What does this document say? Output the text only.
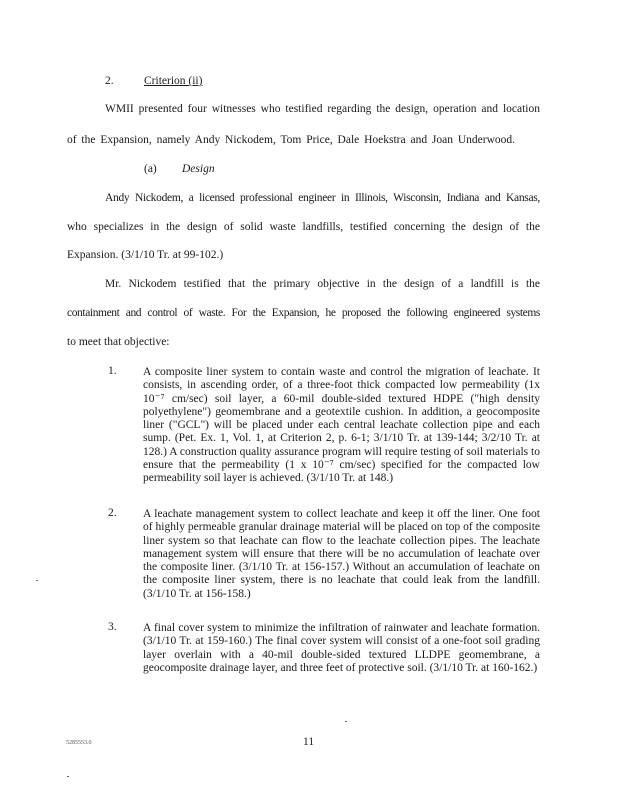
2.	Criterion (ii)
WMII presented four witnesses who testified regarding the design, operation and location
of the Expansion, namely Andy Nickodem, Tom Price, Dale Hoekstra and Joan Underwood.
(a) Design
Andy Nickodem, a licensed professional engineer in Illinois, Wisconsin, Indiana and Kansas,
who specializes in the design of solid waste landfills, testified concerning the design of the
Expansion. (3/1/10 Tr. at 99-102.)
Mr. Nickodem testified that the primary objective in the design of a landfill is the
containment and control of waste. For the Expansion, he proposed the following engineered systems
to meet that objective:
1. A composite liner system to contain waste and control the migration of leachate. It consists, in ascending order, of a three-foot thick compacted low permeability (1x 10⁻⁷ cm/sec) soil layer, a 60-mil double-sided textured HDPE ("high density polyethylene") geomembrane and a geotextile cushion. In addition, a geocomposite liner ("GCL") will be placed under each central leachate collection pipe and each sump. (Pet. Ex. 1, Vol. 1, at Criterion 2, p. 6-1; 3/1/10 Tr. at 139-144; 3/2/10 Tr. at 128.) A construction quality assurance program will require testing of soil materials to ensure that the permeability (1 x 10⁻⁷ cm/sec) specified for the compacted low permeability soil layer is achieved. (3/1/10 Tr. at 148.)
2. A leachate management system to collect leachate and keep it off the liner. One foot of highly permeable granular drainage material will be placed on top of the composite liner system so that leachate can flow to the leachate collection pipes. The leachate management system will ensure that there will be no accumulation of leachate over the composite liner. (3/1/10 Tr. at 156-157.) Without an accumulation of leachate on the composite liner system, there is no leachate that could leak from the landfill. (3/1/10 Tr. at 156-158.)
3. A final cover system to minimize the infiltration of rainwater and leachate formation. (3/1/10 Tr. at 159-160.) The final cover system will consist of a one-foot soil grading layer overlain with a 40-mil double-sided textured LLDPE geomembrane, a geocomposite drainage layer, and three feet of protective soil. (3/1/10 Tr. at 160-162.)
5285553.0	11
